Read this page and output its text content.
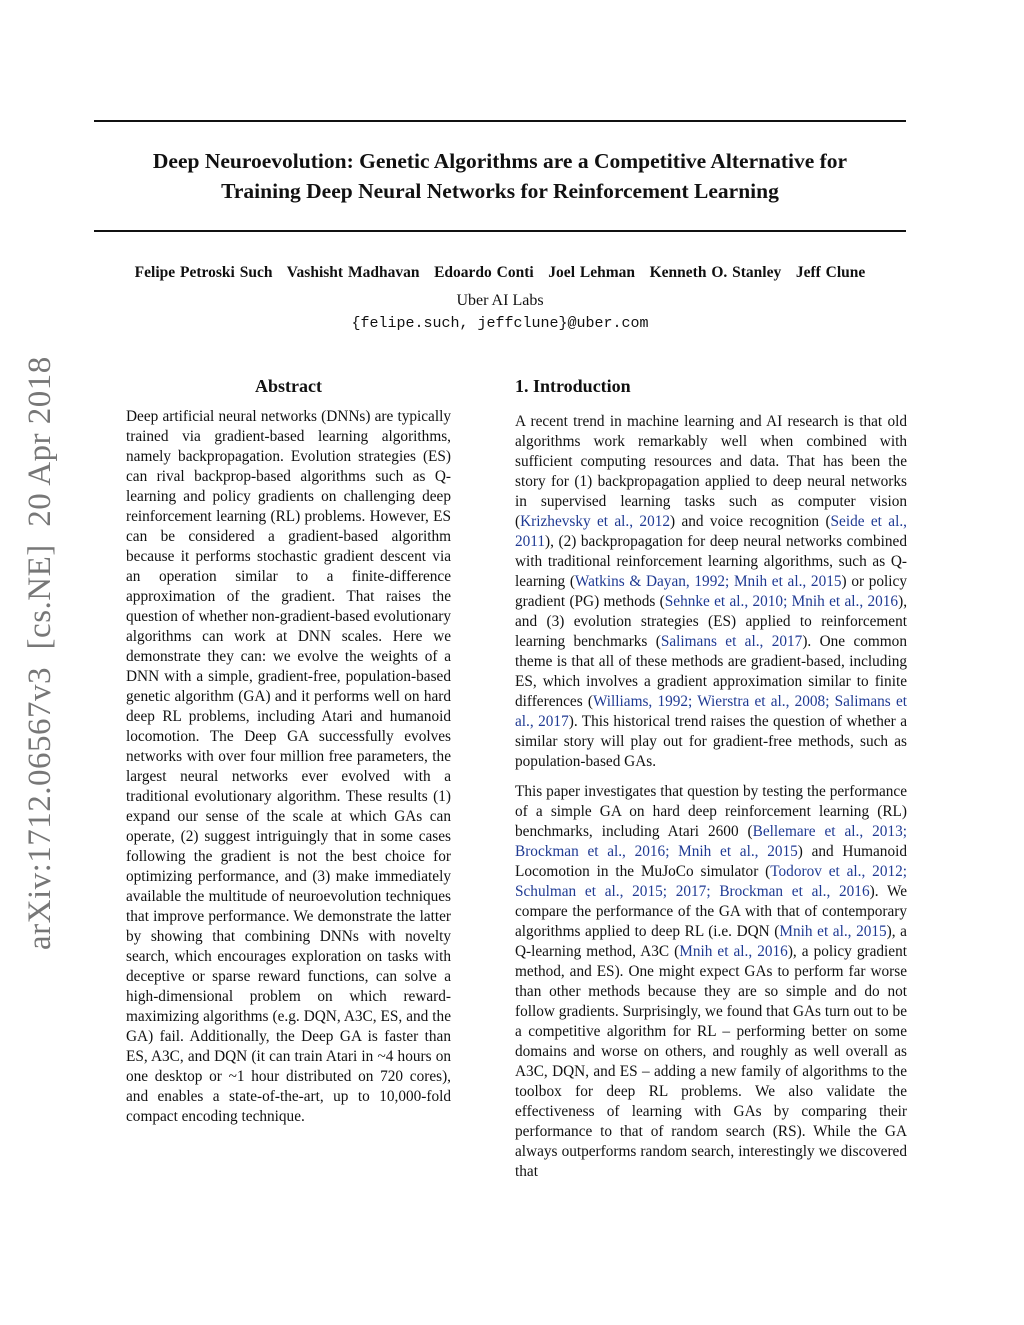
Deep Neuroevolution: Genetic Algorithms are a Competitive Alternative for
Training Deep Neural Networks for Reinforcement Learning
Felipe Petroski Such   Vashisht Madhavan   Edoardo Conti   Joel Lehman   Kenneth O. Stanley   Jeff Clune
Uber AI Labs
{felipe.such, jeffclune}@uber.com
arXiv:1712.06567v3  [cs.NE]  20 Apr 2018	Abstract

Deep artificial neural networks (DNNs) are typically trained via gradient-based learning algorithms, namely backpropagation. Evolution strategies (ES) can rival backprop-based algorithms such as Q-learning and policy gradients on challenging deep reinforcement learning (RL) problems. However, ES can be considered a gradient-based algorithm because it performs stochastic gradient descent via an operation similar to a finite-difference approximation of the gradient. That raises the question of whether non-gradient-based evolutionary algorithms can work at DNN scales. Here we demonstrate they can: we evolve the weights of a DNN with a simple, gradient-free, population-based genetic algorithm (GA) and it performs well on hard deep RL problems, including Atari and humanoid locomotion. The Deep GA successfully evolves networks with over four million free parameters, the largest neural networks ever evolved with a traditional evolutionary algorithm. These results (1) expand our sense of the scale at which GAs can operate, (2) suggest intriguingly that in some cases following the gradient is not the best choice for optimizing performance, and (3) make immediately available the multitude of neuroevolution techniques that improve performance. We demonstrate the latter by showing that combining DNNs with novelty search, which encourages exploration on tasks with deceptive or sparse reward functions, can solve a high-dimensional problem on which reward-maximizing algorithms (e.g. DQN, A3C, ES, and the GA) fail. Additionally, the Deep GA is faster than ES, A3C, and DQN (it can train Atari in ~4 hours on one desktop or ~1 hour distributed on 720 cores), and enables a state-of-the-art, up to 10,000-fold compact encoding technique.

1. Introduction

A recent trend in machine learning and AI research is that old algorithms work remarkably well when combined with sufficient computing resources and data. That has been the story for (1) backpropagation applied to deep neural networks in supervised learning tasks such as computer vision (Krizhevsky et al., 2012) and voice recognition (Seide et al., 2011), (2) backpropagation for deep neural networks combined with traditional reinforcement learning algorithms, such as Q-learning (Watkins & Dayan, 1992; Mnih et al., 2015) or policy gradient (PG) methods (Sehnke et al., 2010; Mnih et al., 2016), and (3) evolution strategies (ES) applied to reinforcement learning benchmarks (Salimans et al., 2017). One common theme is that all of these methods are gradient-based, including ES, which involves a gradient approximation similar to finite differences (Williams, 1992; Wierstra et al., 2008; Salimans et al., 2017). This historical trend raises the question of whether a similar story will play out for gradient-free methods, such as population-based GAs.

This paper investigates that question by testing the performance of a simple GA on hard deep reinforcement learning (RL) benchmarks, including Atari 2600 (Bellemare et al., 2013; Brockman et al., 2016; Mnih et al., 2015) and Humanoid Locomotion in the MuJoCo simulator (Todorov et al., 2012; Schulman et al., 2015; 2017; Brockman et al., 2016). We compare the performance of the GA with that of contemporary algorithms applied to deep RL (i.e. DQN (Mnih et al., 2015), a Q-learning method, A3C (Mnih et al., 2016), a policy gradient method, and ES). One might expect GAs to perform far worse than other methods because they are so simple and do not follow gradients. Surprisingly, we found that GAs turn out to be a competitive algorithm for RL – performing better on some domains and worse on others, and roughly as well overall as A3C, DQN, and ES – adding a new family of algorithms to the toolbox for deep RL problems. We also validate the effectiveness of learning with GAs by comparing their performance to that of random search (RS). While the GA always outperforms random search, interestingly we discovered that
